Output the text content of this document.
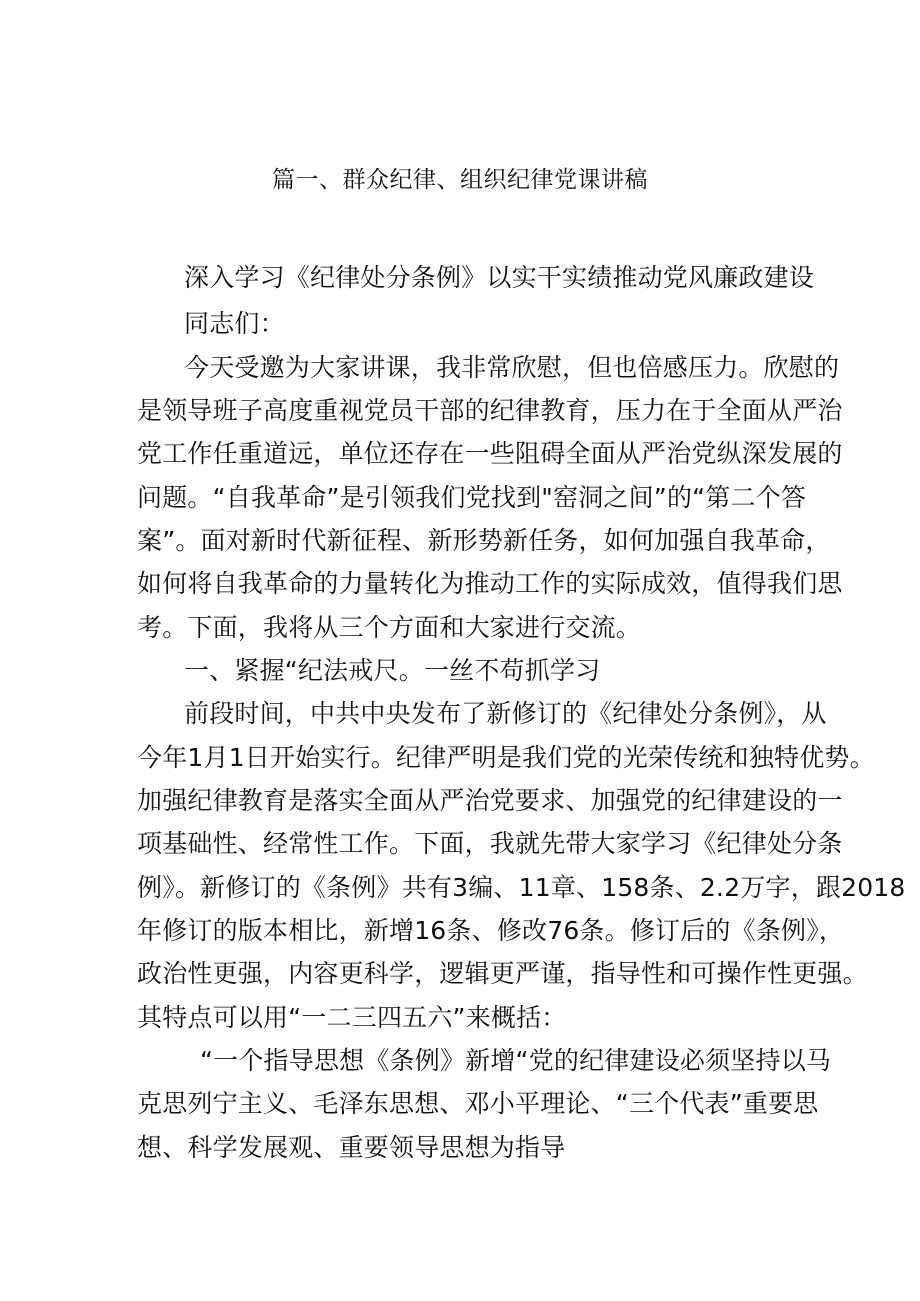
篇一、群众纪律、组织纪律党课讲稿
深入学习《纪律处分条例》以实干实绩推动党风廉政建设
同志们：
今天受邀为大家讲课，我非常欣慰，但也倍感压力。欣慰的
是领导班子高度重视党员干部的纪律教育，压力在于全面从严治
党工作任重道远，单位还存在一些阻碍全面从严治党纵深发展的
问题。“自我革命”是引领我们党找到"窑洞之间”的“第二个答
案”。面对新时代新征程、新形势新任务，如何加强自我革命，
如何将自我革命的力量转化为推动工作的实际成效，值得我们思
考。下面，我将从三个方面和大家进行交流。
一、紧握“纪法戒尺。一丝不苟抓学习
前段时间，中共中央发布了新修订的《纪律处分条例》，从
今年1月1日开始实行。纪律严明是我们党的光荣传统和独特优势。
加强纪律教育是落实全面从严治党要求、加强党的纪律建设的一
项基础性、经常性工作。下面，我就先带大家学习《纪律处分条
例》。新修订的《条例》共有3编、11章、158条、2.2万字，跟2018
年修订的版本相比，新增16条、修改76条。修订后的《条例》，
政治性更强，内容更科学，逻辑更严谨，指导性和可操作性更强。
其特点可以用“一二三四五六”来概括：
“一个指导思想《条例》新增“党的纪律建设必须坚持以马
克思列宁主义、毛泽东思想、邓小平理论、“三个代表”重要思
想、科学发展观、重要领导思想为指导
